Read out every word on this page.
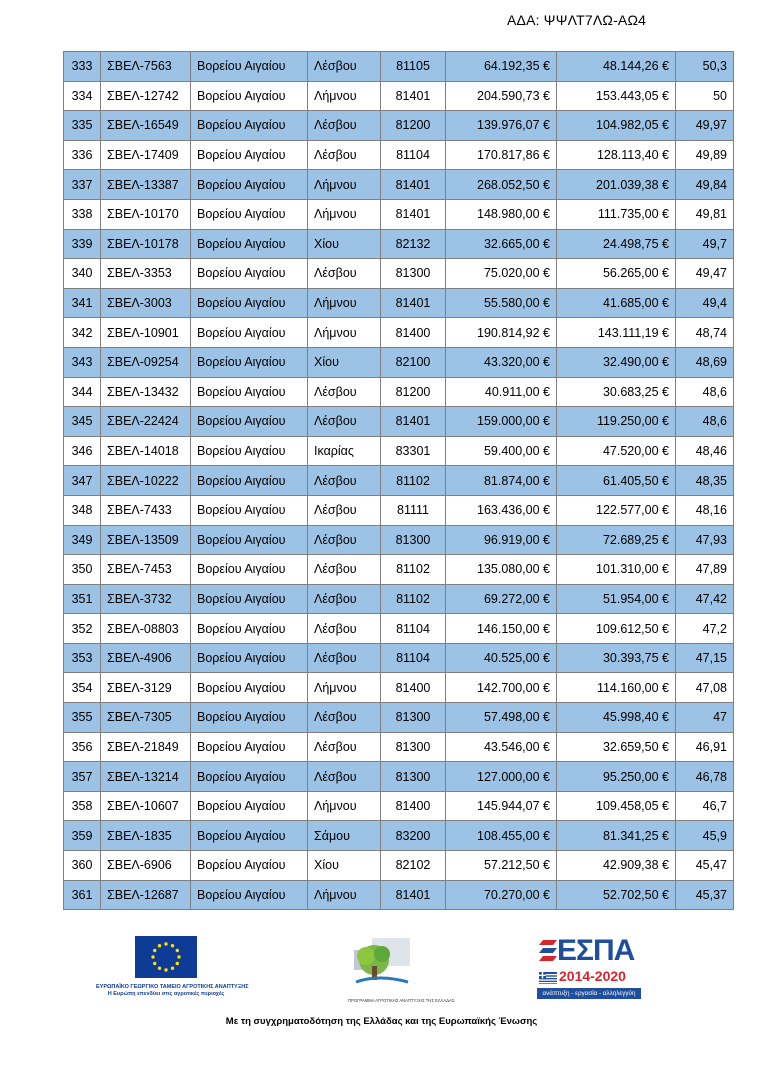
ΑΔΑ: ΨΨΛΤ7ΛΩ-ΑΩ4
333	ΣΒΕΛ-7563	Βορείου Αιγαίου	Λέσβου	81105	64.192,35 €	48.144,26 €	50,3
334	ΣΒΕΛ-12742	Βορείου Αιγαίου	Λήμνου	81401	204.590,73 €	153.443,05 €	50
335	ΣΒΕΛ-16549	Βορείου Αιγαίου	Λέσβου	81200	139.976,07 €	104.982,05 €	49,97
336	ΣΒΕΛ-17409	Βορείου Αιγαίου	Λέσβου	81104	170.817,86 €	128.113,40 €	49,89
337	ΣΒΕΛ-13387	Βορείου Αιγαίου	Λήμνου	81401	268.052,50 €	201.039,38 €	49,84
338	ΣΒΕΛ-10170	Βορείου Αιγαίου	Λήμνου	81401	148.980,00 €	111.735,00 €	49,81
339	ΣΒΕΛ-10178	Βορείου Αιγαίου	Χίου	82132	32.665,00 €	24.498,75 €	49,7
340	ΣΒΕΛ-3353	Βορείου Αιγαίου	Λέσβου	81300	75.020,00 €	56.265,00 €	49,47
341	ΣΒΕΛ-3003	Βορείου Αιγαίου	Λήμνου	81401	55.580,00 €	41.685,00 €	49,4
342	ΣΒΕΛ-10901	Βορείου Αιγαίου	Λήμνου	81400	190.814,92 €	143.111,19 €	48,74
343	ΣΒΕΛ-09254	Βορείου Αιγαίου	Χίου	82100	43.320,00 €	32.490,00 €	48,69
344	ΣΒΕΛ-13432	Βορείου Αιγαίου	Λέσβου	81200	40.911,00 €	30.683,25 €	48,6
345	ΣΒΕΛ-22424	Βορείου Αιγαίου	Λέσβου	81401	159.000,00 €	119.250,00 €	48,6
346	ΣΒΕΛ-14018	Βορείου Αιγαίου	Ικαρίας	83301	59.400,00 €	47.520,00 €	48,46
347	ΣΒΕΛ-10222	Βορείου Αιγαίου	Λέσβου	81102	81.874,00 €	61.405,50 €	48,35
348	ΣΒΕΛ-7433	Βορείου Αιγαίου	Λέσβου	81111	163.436,00 €	122.577,00 €	48,16
349	ΣΒΕΛ-13509	Βορείου Αιγαίου	Λέσβου	81300	96.919,00 €	72.689,25 €	47,93
350	ΣΒΕΛ-7453	Βορείου Αιγαίου	Λέσβου	81102	135.080,00 €	101.310,00 €	47,89
351	ΣΒΕΛ-3732	Βορείου Αιγαίου	Λέσβου	81102	69.272,00 €	51.954,00 €	47,42
352	ΣΒΕΛ-08803	Βορείου Αιγαίου	Λέσβου	81104	146.150,00 €	109.612,50 €	47,2
353	ΣΒΕΛ-4906	Βορείου Αιγαίου	Λέσβου	81104	40.525,00 €	30.393,75 €	47,15
354	ΣΒΕΛ-3129	Βορείου Αιγαίου	Λήμνου	81400	142.700,00 €	114.160,00 €	47,08
355	ΣΒΕΛ-7305	Βορείου Αιγαίου	Λέσβου	81300	57.498,00 €	45.998,40 €	47
356	ΣΒΕΛ-21849	Βορείου Αιγαίου	Λέσβου	81300	43.546,00 €	32.659,50 €	46,91
357	ΣΒΕΛ-13214	Βορείου Αιγαίου	Λέσβου	81300	127.000,00 €	95.250,00 €	46,78
358	ΣΒΕΛ-10607	Βορείου Αιγαίου	Λήμνου	81400	145.944,07 €	109.458,05 €	46,7
359	ΣΒΕΛ-1835	Βορείου Αιγαίου	Σάμου	83200	108.455,00 €	81.341,25 €	45,9
360	ΣΒΕΛ-6906	Βορείου Αιγαίου	Χίου	82102	57.212,50 €	42.909,38 €	45,47
361	ΣΒΕΛ-12687	Βορείου Αιγαίου	Λήμνου	81401	70.270,00 €	52.702,50 €	45,37
ΕΥΡΩΠΑΪΚΟ ΓΕΩΡΓΙΚΟ ΤΑΜΕΙΟ ΑΓΡΟΤΙΚΗΣ ΑΝΑΠΤΥΞΗΣ
Η Ευρώπη επενδύει στις αγροτικές περιοχές
ΠΡΟΓΡΑΜΜΑ ΑΓΡΟΤΙΚΗΣ ΑΝΑΠΤΥΞΗΣ ΤΗΣ ΕΛΛΑΔΑΣ
ΕΣΠΑ
2014-2020
ανάπτυξη - εργασία - αλληλεγγύη
Με τη συγχρηματοδότηση της Ελλάδας και της Ευρωπαϊκής Ένωσης
